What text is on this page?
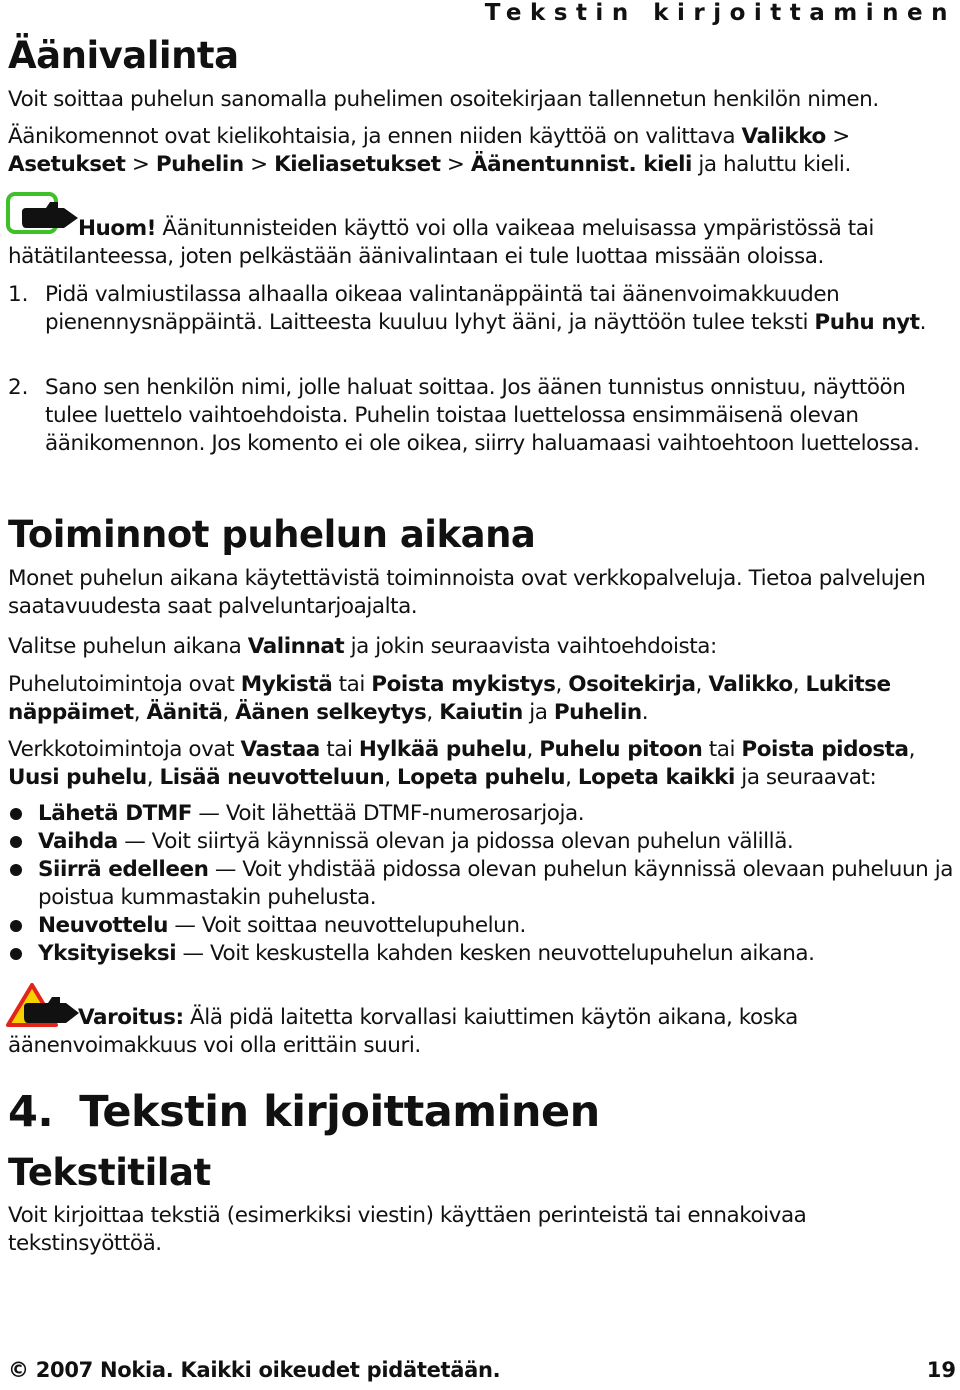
Tekstin kirjoittaminen
Äänivalinta

Voit soittaa puhelun sanomalla puhelimen osoitekirjaan tallennetun henkilön nimen.

Äänikomennot ovat kielikohtaisia, ja ennen niiden käyttöä on valittava Valikko > Asetukset > Puhelin > Kieliasetukset > Äänentunnist. kieli ja haluttu kieli.

Huom! Äänitunnisteiden käyttö voi olla vaikeaa meluisassa ympäristössä tai hätätilanteessa, joten pelkästään äänivalintaan ei tule luottaa missään oloissa.

1. Pidä valmiustilassa alhaalla oikeaa valintanäppäintä tai äänenvoimakkuuden pienennysnäppäintä. Laitteesta kuuluu lyhyt ääni, ja näyttöön tulee teksti Puhu nyt.

2. Sano sen henkilön nimi, jolle haluat soittaa. Jos äänen tunnistus onnistuu, näyttöön tulee luettelo vaihtoehdoista. Puhelin toistaa luettelossa ensimmäisenä olevan äänikomennon. Jos komento ei ole oikea, siirry haluamaasi vaihtoehtoon luettelossa.

Toiminnot puhelun aikana

Monet puhelun aikana käytettävistä toiminnoista ovat verkkopalveluja. Tietoa palvelujen saatavuudesta saat palveluntarjoajalta.

Valitse puhelun aikana Valinnat ja jokin seuraavista vaihtoehdoista:

Puhelutoimintoja ovat Mykistä tai Poista mykistys, Osoitekirja, Valikko, Lukitse näppäimet, Äänitä, Äänen selkeytys, Kaiutin ja Puhelin.

Verkkotoimintoja ovat Vastaa tai Hylkää puhelu, Puhelu pitoon tai Poista pidosta, Uusi puhelu, Lisää neuvotteluun, Lopeta puhelu, Lopeta kaikki ja seuraavat:

Lähetä DTMF — Voit lähettää DTMF-numerosarjoja.

Vaihda — Voit siirtyä käynnissä olevan ja pidossa olevan puhelun välillä.

Siirrä edelleen — Voit yhdistää pidossa olevan puhelun käynnissä olevaan puheluun ja poistua kummastakin puhelusta.

Neuvottelu — Voit soittaa neuvottelupuhelun.

Yksityiseksi — Voit keskustella kahden kesken neuvottelupuhelun aikana.

Varoitus: Älä pidä laitetta korvallasi kaiuttimen käytön aikana, koska äänenvoimakkuus voi olla erittäin suuri.

4. Tekstin kirjoittaminen
Tekstitilat

Voit kirjoittaa tekstiä (esimerkiksi viestin) käyttäen perinteistä tai ennakoivaa tekstinsyöttöä.

© 2007 Nokia. Kaikki oikeudet pidätetään.	19
